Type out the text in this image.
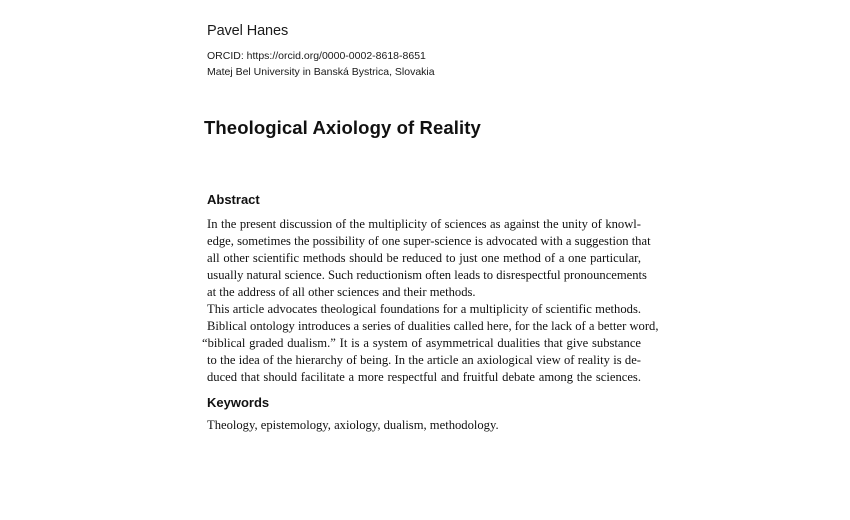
Pavel Hanes

ORCID: https://orcid.org/0000-0002-8618-8651

Matej Bel University in Banská Bystrica, Slovakia

Theological Axiology of Reality
Abstract
In the present discussion of the multiplicity of sciences as against the unity of knowl-
edge, sometimes the possibility of one super-science is advocated with a suggestion that
all other scientific methods should be reduced to just one method of a one particular,
usually natural science. Such reductionism often leads to disrespectful pronouncements
at the address of all other sciences and their methods.
This article advocates theological foundations for a multiplicity of scientific methods.
Biblical ontology introduces a series of dualities called here, for the lack of a better word,
“biblical graded dualism.” It is a system of asymmetrical dualities that give substance
to the idea of the hierarchy of being. In the article an axiological view of reality is de-
duced that should facilitate a more respectful and fruitful debate among the sciences.
Keywords

Theology, epistemology, axiology, dualism, methodology.
